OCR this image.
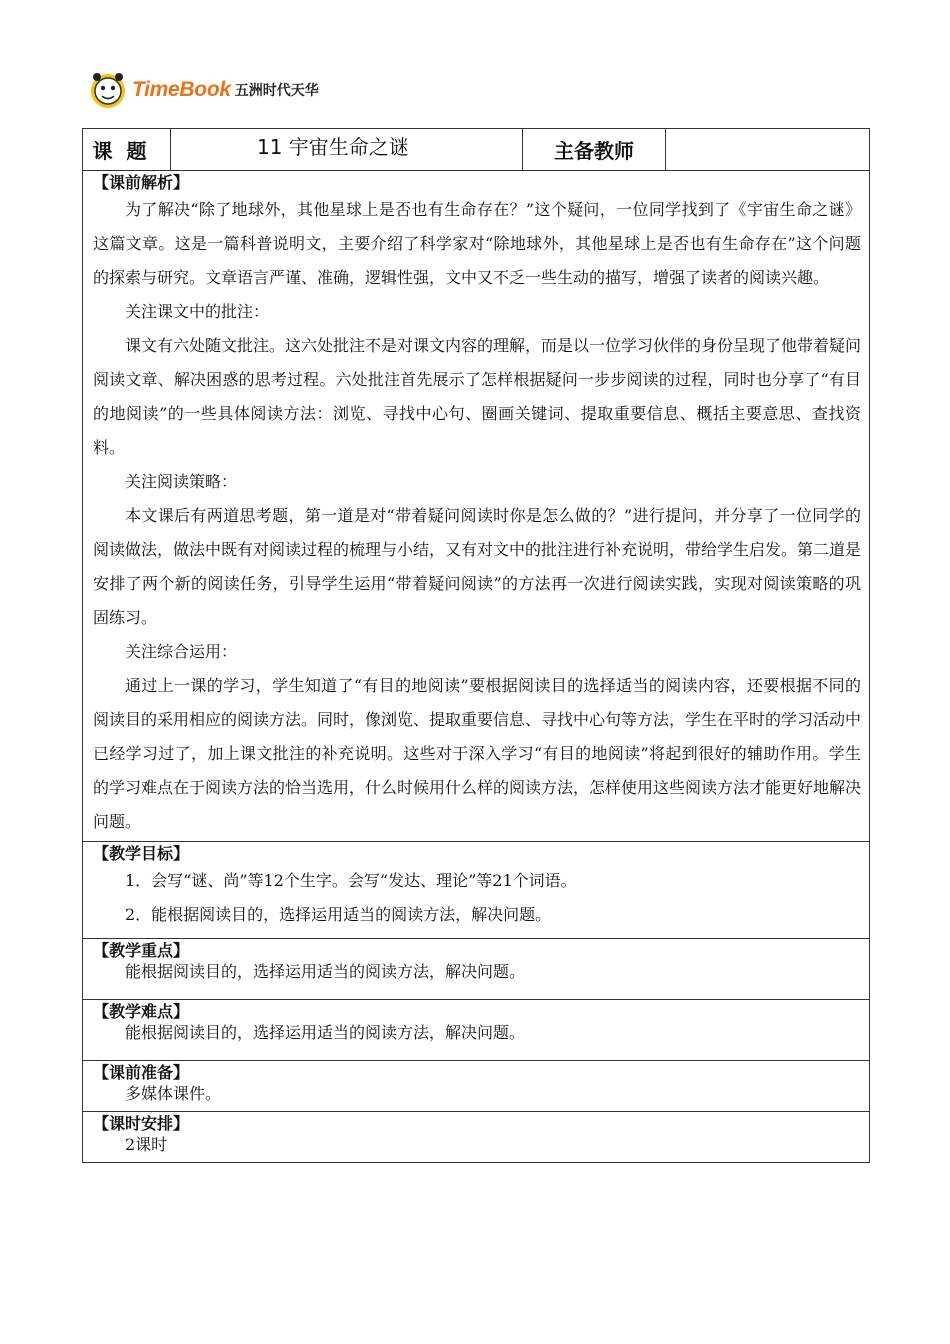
TimeBook 五洲时代天华
课题	11 宇宙生命之谜	主备教师	

【课前解析】

为了解决“除了地球外，其他星球上是否也有生命存在？”这个疑问，一位同学找到了《宇宙生命之谜》这篇文章。这是一篇科普说明文，主要介绍了科学家对“除地球外，其他星球上是否也有生命存在”这个问题的探索与研究。文章语言严谨、准确，逻辑性强，文中又不乏一些生动的描写，增强了读者的阅读兴趣。

关注课文中的批注：

课文有六处随文批注。这六处批注不是对课文内容的理解，而是以一位学习伙伴的身份呈现了他带着疑问阅读文章、解决困惑的思考过程。六处批注首先展示了怎样根据疑问一步步阅读的过程，同时也分享了“有目的地阅读”的一些具体阅读方法：浏览、寻找中心句、圈画关键词、提取重要信息、概括主要意思、查找资料。

关注阅读策略：

本文课后有两道思考题，第一道是对“带着疑问阅读时你是怎么做的？”进行提问，并分享了一位同学的阅读做法，做法中既有对阅读过程的梳理与小结，又有对文中的批注进行补充说明，带给学生启发。第二道是安排了两个新的阅读任务，引导学生运用“带着疑问阅读”的方法再一次进行阅读实践，实现对阅读策略的巩固练习。

关注综合运用：

通过上一课的学习，学生知道了“有目的地阅读”要根据阅读目的选择适当的阅读内容，还要根据不同的阅读目的采用相应的阅读方法。同时，像浏览、提取重要信息、寻找中心句等方法，学生在平时的学习活动中已经学习过了，加上课文批注的补充说明。这些对于深入学习“有目的地阅读”将起到很好的辅助作用。学生的学习难点在于阅读方法的恰当选用，什么时候用什么样的阅读方法，怎样使用这些阅读方法才能更好地解决问题。

【教学目标】

1．会写“谜、尚”等12个生字。会写“发达、理论”等21个词语。

2．能根据阅读目的，选择运用适当的阅读方法，解决问题。

【教学重点】

能根据阅读目的，选择运用适当的阅读方法，解决问题。

【教学难点】

能根据阅读目的，选择运用适当的阅读方法，解决问题。

【课前准备】

多媒体课件。

【课时安排】

2课时
